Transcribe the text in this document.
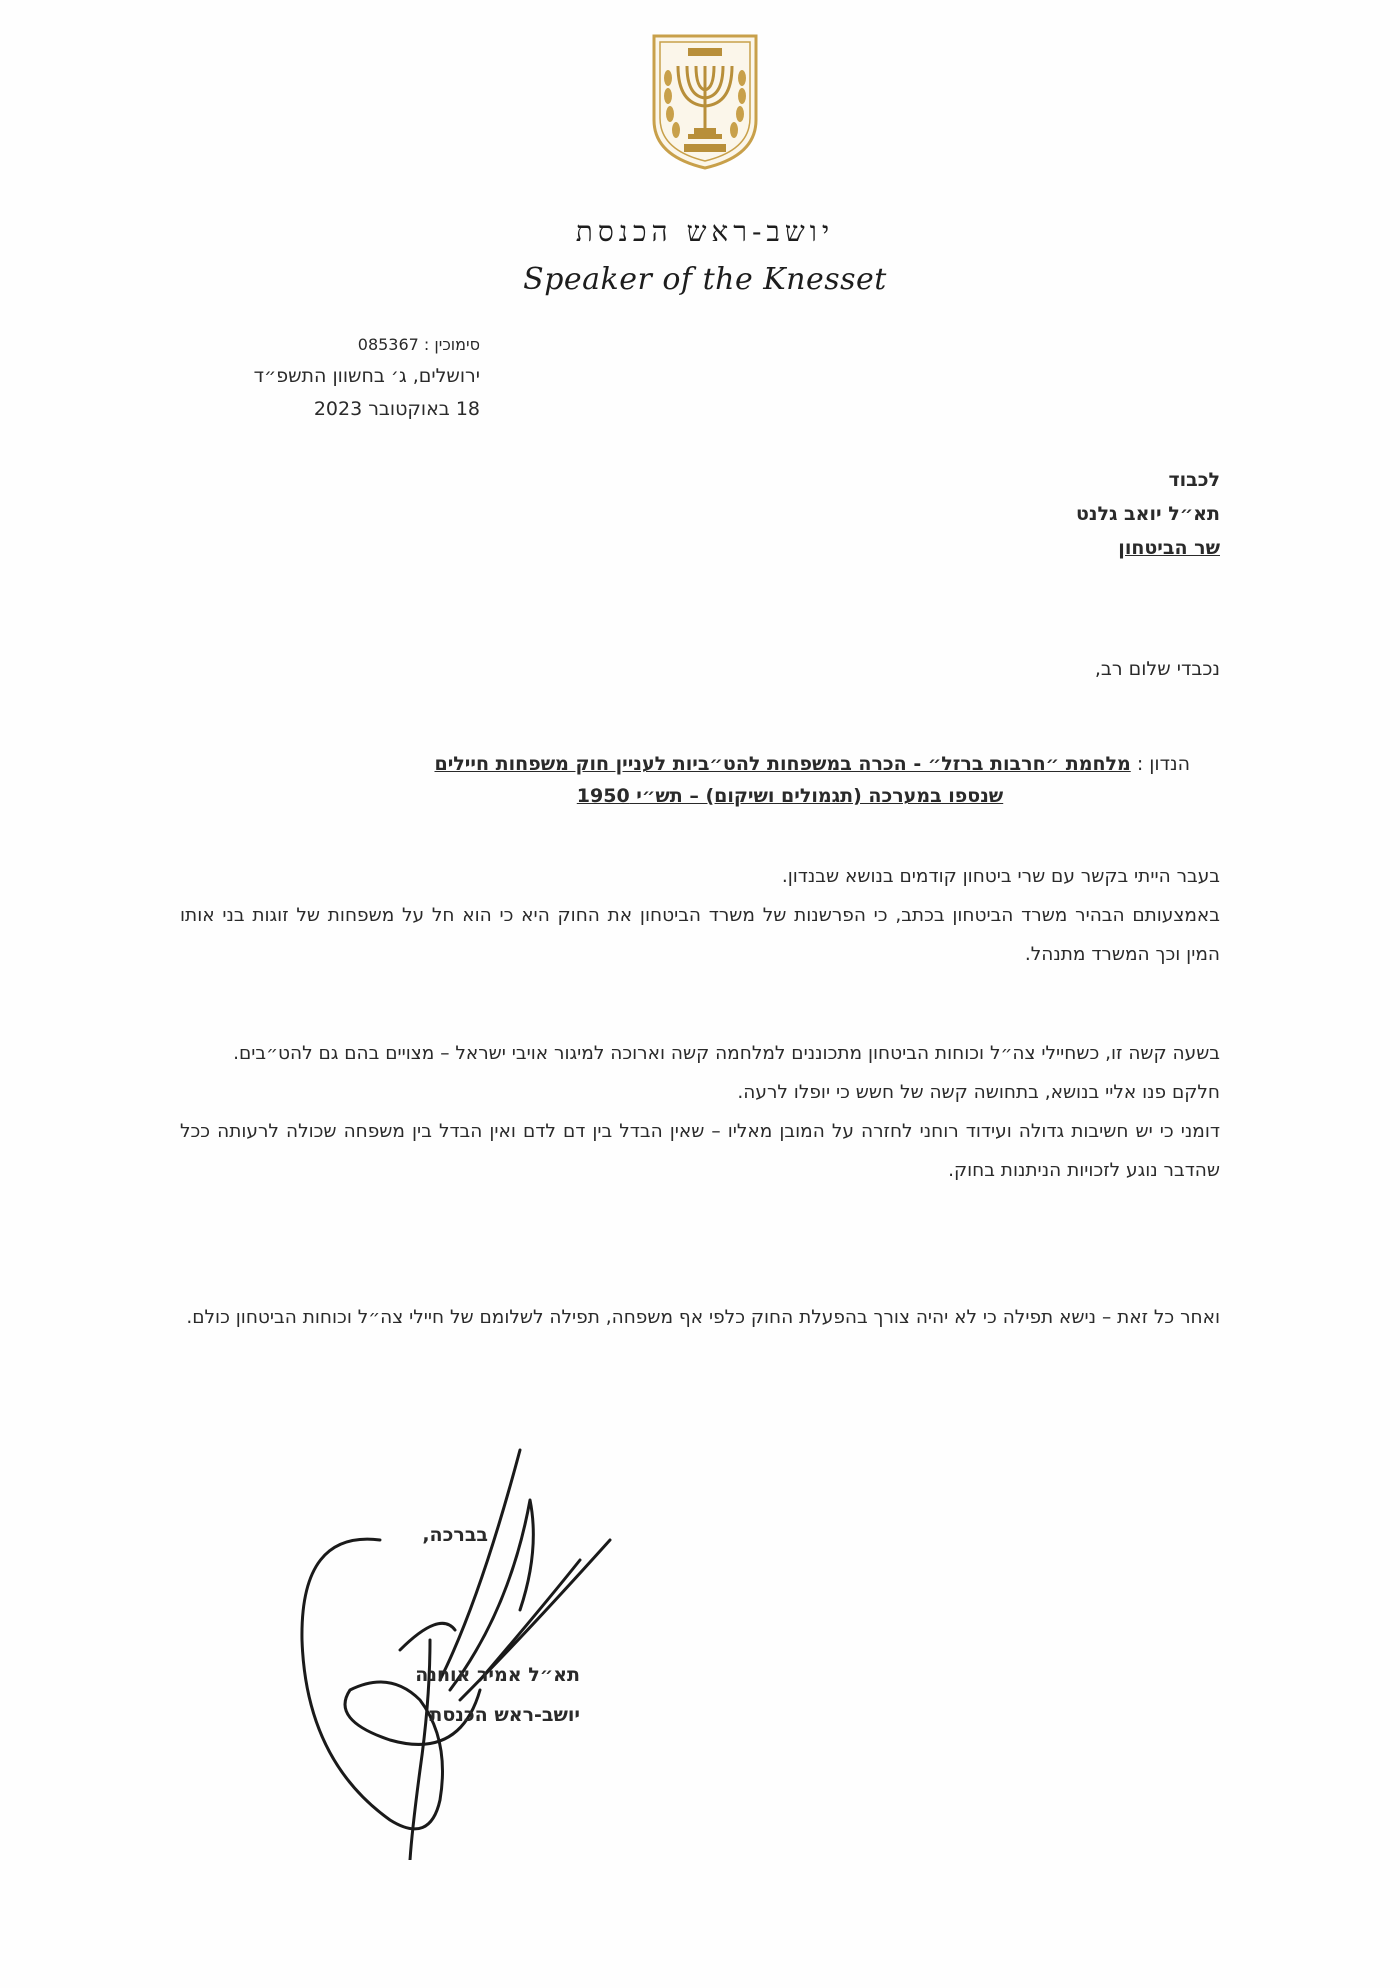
יושב-ראש הכנסת
Speaker of the Knesset
סימוכין : 085367
ירושלים, ג׳ בחשוון התשפ״ד
18 באוקטובר 2023
לכבוד
תא״ל יואב גלנט
שר הביטחון
נכבדי שלום רב,
הנדון : מלחמת ״חרבות ברזל״ - הכרה במשפחות להט״ביות לעניין חוק משפחות חיילים
שנספו במערכה (תגמולים ושיקום) – תש״י 1950

בעבר הייתי בקשר עם שרי ביטחון קודמים בנושא שבנדון.

באמצעותם הבהיר משרד הביטחון בכתב, כי הפרשנות של משרד הביטחון את החוק היא כי הוא חל על משפחות של זוגות בני אותו המין וכך המשרד מתנהל.

בשעה קשה זו, כשחיילי צה״ל וכוחות הביטחון מתכוננים למלחמה קשה וארוכה למיגור אויבי ישראל – מצויים בהם גם להט״בים.

חלקם פנו אליי בנושא, בתחושה קשה של חשש כי יופלו לרעה.

דומני כי יש חשיבות גדולה ועידוד רוחני לחזרה על המובן מאליו – שאין הבדל בין דם לדם ואין הבדל בין משפחה שכולה לרעותה ככל שהדבר נוגע לזכויות הניתנות בחוק.

ואחר כל זאת – נישא תפילה כי לא יהיה צורך בהפעלת החוק כלפי אף משפחה, תפילה לשלומם של חיילי צה״ל וכוחות הביטחון כולם.

בברכה,
תא״ל אמיר אוחנה
יושב-ראש הכנסת
